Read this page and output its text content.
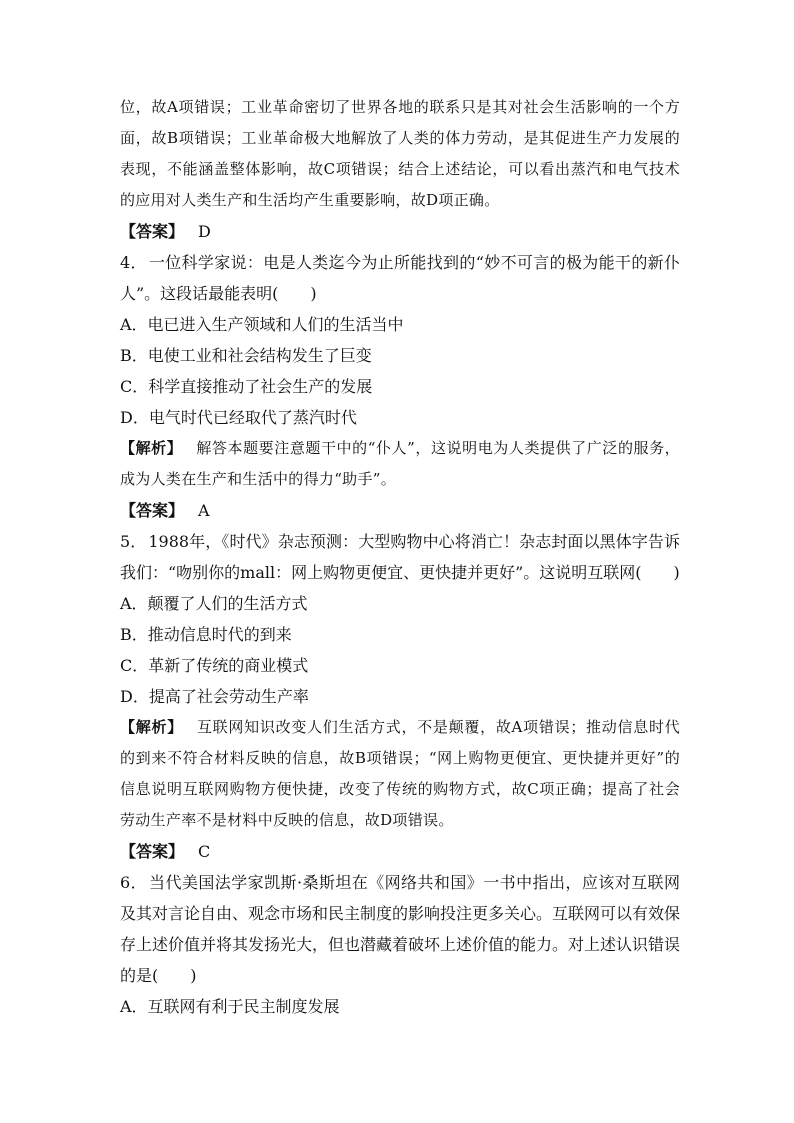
位，故A项错误；工业革命密切了世界各地的联系只是其对社会生活影响的一个方面，故B项错误；工业革命极大地解放了人类的体力劳动，是其促进生产力发展的表现，不能涵盖整体影响，故C项错误；结合上述结论，可以看出蒸汽和电气技术的应用对人类生产和生活均产生重要影响，故D项正确。

【答案】 D

4． 一位科学家说：电是人类迄今为止所能找到的“妙不可言的极为能干的新仆人”。这段话最能表明(　　)

A．电已进入生产领域和人们的生活当中

B．电使工业和社会结构发生了巨变

C．科学直接推动了社会生产的发展

D．电气时代已经取代了蒸汽时代

【解析】 解答本题要注意题干中的“仆人”，这说明电为人类提供了广泛的服务，成为人类在生产和生活中的得力“助手”。

【答案】 A

5． 1988年，《时代》杂志预测：大型购物中心将消亡！杂志封面以黑体字告诉我们：“吻别你的mall：网上购物更便宜、更快捷并更好”。这说明互联网(　　)

A．颠覆了人们的生活方式

B．推动信息时代的到来

C．革新了传统的商业模式

D．提高了社会劳动生产率

【解析】 互联网知识改变人们生活方式，不是颠覆，故A项错误；推动信息时代的到来不符合材料反映的信息，故B项错误；“网上购物更便宜、更快捷并更好”的信息说明互联网购物方便快捷，改变了传统的购物方式，故C项正确；提高了社会劳动生产率不是材料中反映的信息，故D项错误。

【答案】 C

6． 当代美国法学家凯斯·桑斯坦在《网络共和国》一书中指出，应该对互联网及其对言论自由、观念市场和民主制度的影响投注更多关心。互联网可以有效保存上述价值并将其发扬光大，但也潜藏着破坏上述价值的能力。对上述认识错误的是(　　)

A．互联网有利于民主制度发展
